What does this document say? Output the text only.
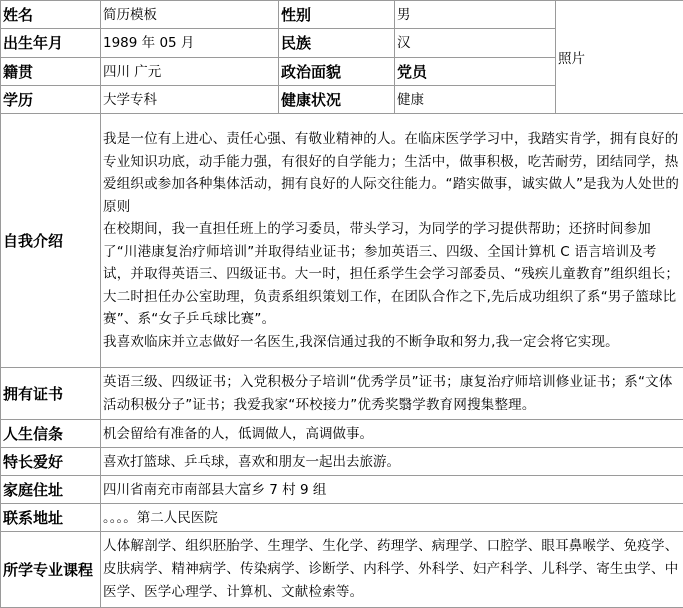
姓名	简历模板	性别	男	照片
出生年月	1989 年 05 月	民族	汉	
籍贯	四川 广元	政治面貌	党员	
学历	大学专科	健康状况	健康	
自我介绍	我是一位有上进心、责任心强、有敬业精神的人。在临床医学学习中，我踏实肯学，拥有良好的专业知识功底，动手能力强，有很好的自学能力；生活中，做事积极，吃苦耐劳，团结同学，热爱组织或参加各种集体活动，拥有良好的人际交往能力。“踏实做事，诚实做人”是我为人处世的原则

在校期间，我一直担任班上的学习委员，带头学习，为同学的学习提供帮助；还挤时间参加了“川港康复治疗师培训”并取得结业证书；参加英语三、四级、全国计算机 C 语言培训及考试，并取得英语三、四级证书。大一时，担任系学生会学习部委员、“残疾儿童教育”组织组长；大二时担任办公室助理，负责系组织策划工作，在团队合作之下,先后成功组织了系“男子篮球比赛”、系“女子乒乓球比赛”。

我喜欢临床并立志做好一名医生,我深信通过我的不断争取和努力,我一定会将它实现。			

拥有证书	英语三级、四级证书；入党积极分子培训“优秀学员”证书；康复治疗师培训修业证书；系“文体活动积极分子”证书；我爱我家“环校接力”优秀奖翳学教育网搜集整理。			
人生信条	机会留给有准备的人，低调做人，高调做事。			
特长爱好	喜欢打篮球、乒乓球，喜欢和朋友一起出去旅游。			
家庭住址	四川省南充市南部县大富乡 7 村 9 组			
联系地址	。。。。第二人民医院			
所学专业课程	人体解剖学、组织胚胎学、生理学、生化学、药理学、病理学、口腔学、眼耳鼻喉学、免疫学、皮肤病学、精神病学、传染病学、诊断学、内科学、外科学、妇产科学、儿科学、寄生虫学、中医学、医学心理学、计算机、文献检索等。			
